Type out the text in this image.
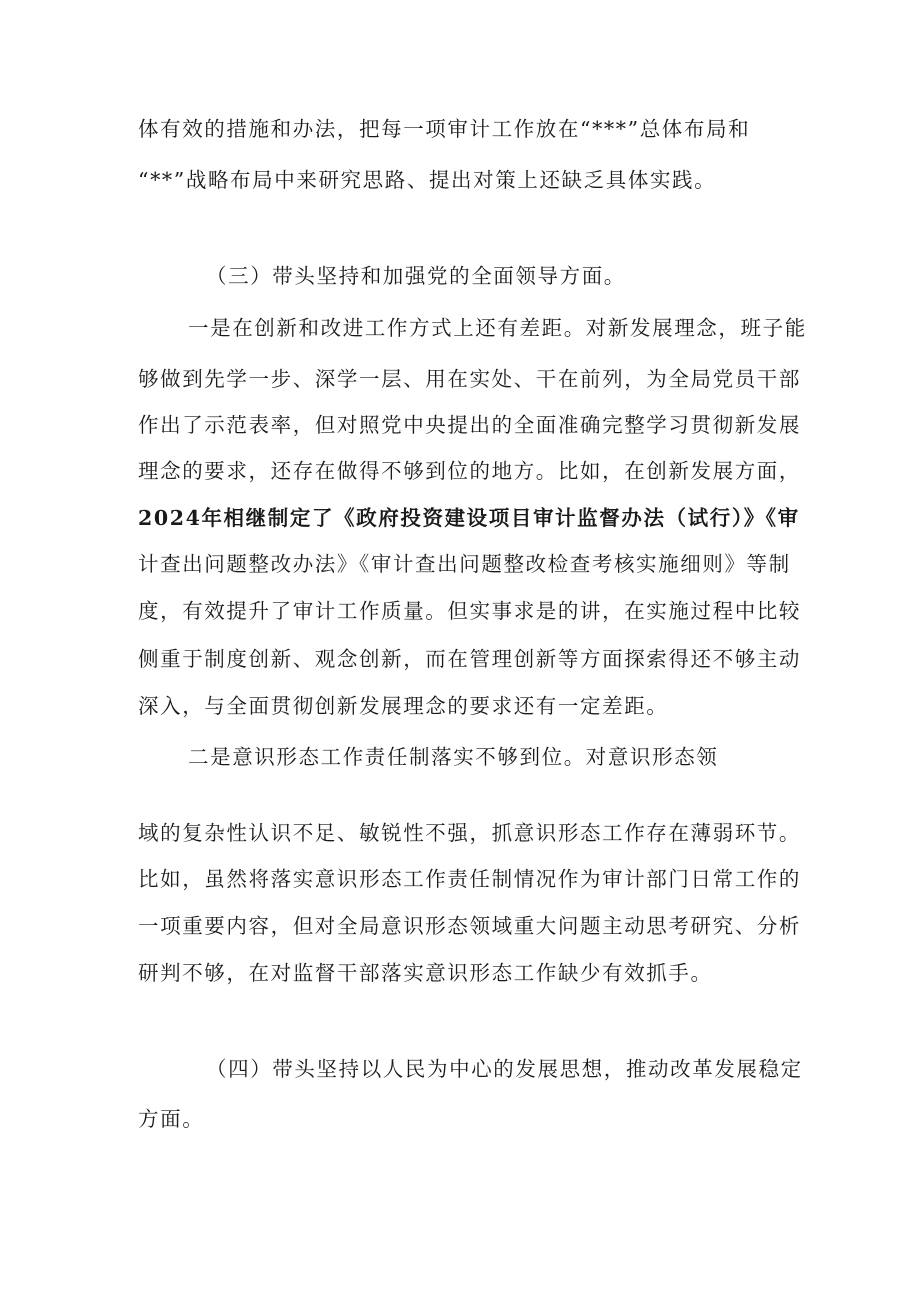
体有效的措施和办法，把每一项审计工作放在“***”总体布局和
“**”战略布局中来研究思路、提出对策上还缺乏具体实践。
（三）带头坚持和加强党的全面领导方面。
一是在创新和改进工作方式上还有差距。对新发展理念，班子能
够做到先学一步、深学一层、用在实处、干在前列，为全局党员干部
作出了示范表率，但对照党中央提出的全面准确完整学习贯彻新发展
理念的要求，还存在做得不够到位的地方。比如，在创新发展方面，
2024年相继制定了《政府投资建设项目审计监督办法（试行）》《审
计查出问题整改办法》《审计查出问题整改检查考核实施细则》等制
度，有效提升了审计工作质量。但实事求是的讲，在实施过程中比较
侧重于制度创新、观念创新，而在管理创新等方面探索得还不够主动
深入，与全面贯彻创新发展理念的要求还有一定差距。
二是意识形态工作责任制落实不够到位。对意识形态领
域的复杂性认识不足、敏锐性不强，抓意识形态工作存在薄弱环节。
比如，虽然将落实意识形态工作责任制情况作为审计部门日常工作的
一项重要内容，但对全局意识形态领域重大问题主动思考研究、分析
研判不够，在对监督干部落实意识形态工作缺少有效抓手。
（四）带头坚持以人民为中心的发展思想，推动改革发展稳定
方面。
